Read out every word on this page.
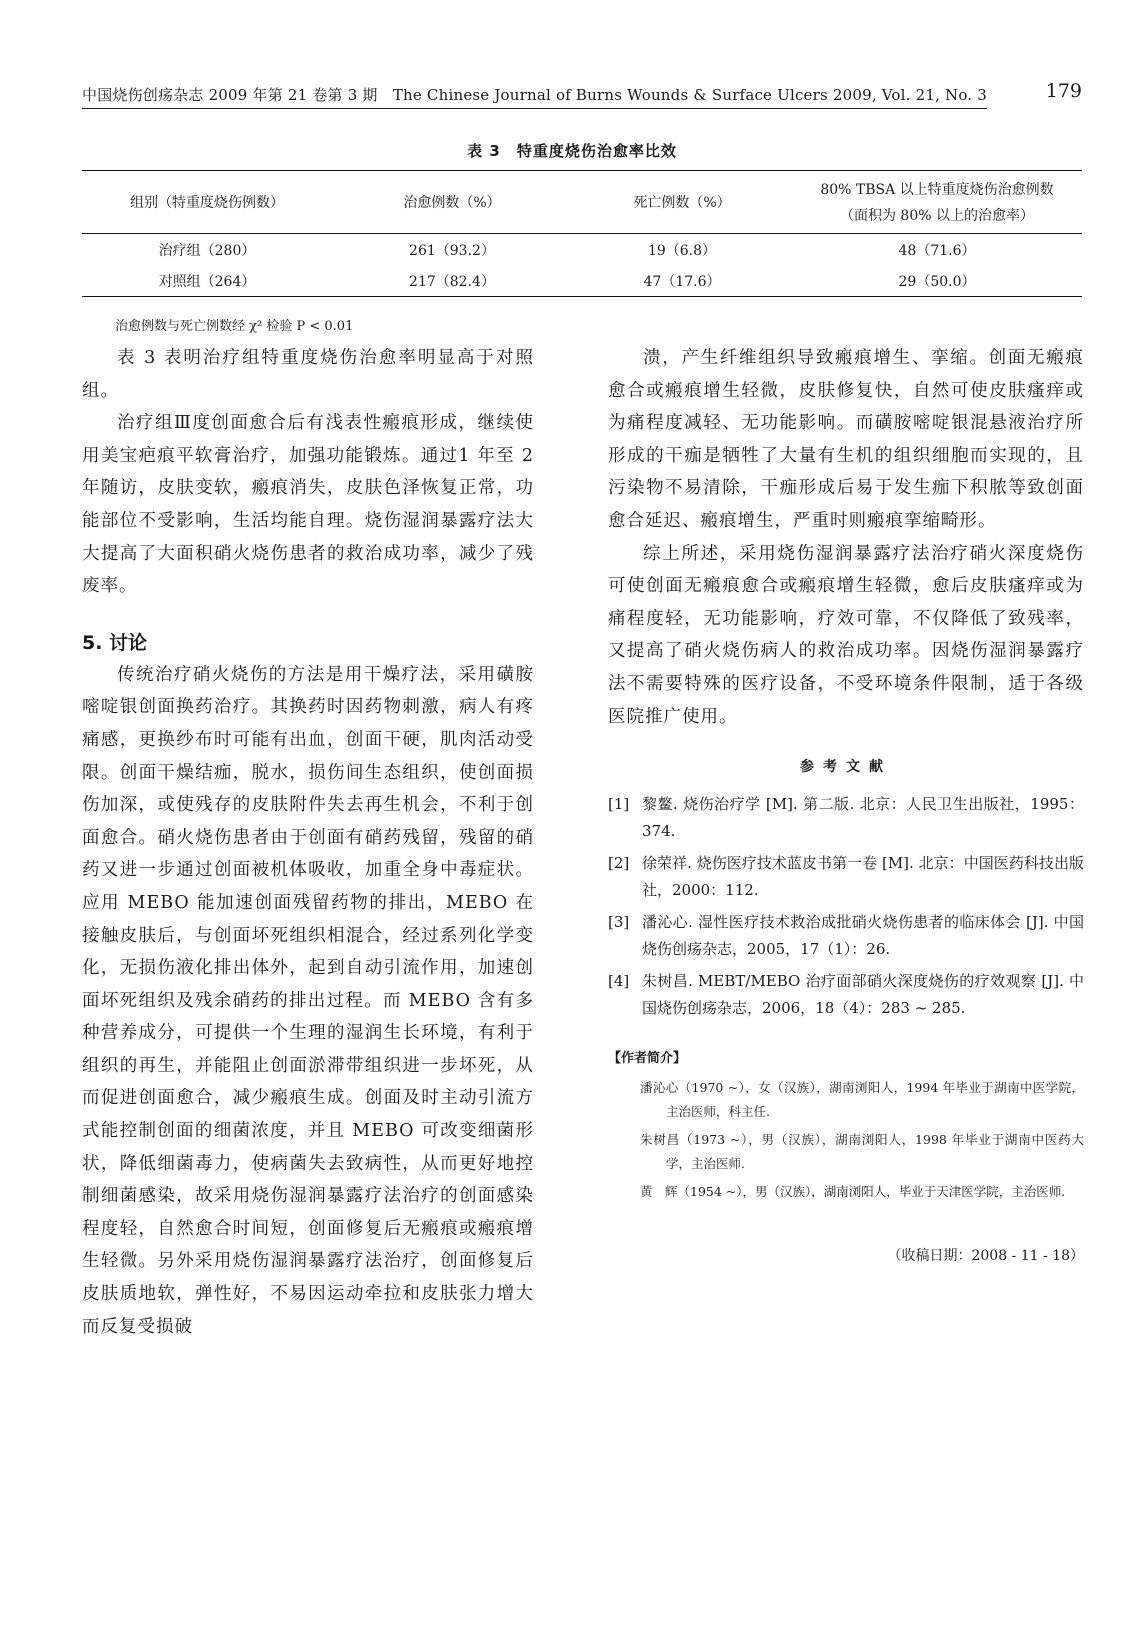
中国烧伤创疡杂志 2009 年第 21 卷第 3 期　The Chinese Journal of Burns Wounds & Surface Ulcers 2009, Vol. 21, No. 3	179
表 3　特重度烧伤治愈率比效
组别（特重度烧伤例数）	治愈例数（%）	死亡例数（%）	80% TBSA 以上特重度烧伤治愈例数
（面积为 80% 以上的治愈率）

治疗组（280）	261（93.2）	19（6.8）	48（71.6）
对照组（264）	217（82.4）	47（17.6）	29（50.0）
治愈例数与死亡例数经 χ² 检验 P < 0.01

表 3 表明治疗组特重度烧伤治愈率明显高于对照组。

治疗组Ⅲ度创面愈合后有浅表性瘢痕形成，继续使用美宝疤痕平软膏治疗，加强功能锻炼。通过1 年至 2 年随访，皮肤变软，瘢痕消失，皮肤色泽恢复正常，功能部位不受影响，生活均能自理。烧伤湿润暴露疗法大大提高了大面积硝火烧伤患者的救治成功率，减少了残废率。

5. 讨论

传统治疗硝火烧伤的方法是用干燥疗法，采用磺胺嘧啶银创面换药治疗。其换药时因药物刺激，病人有疼痛感，更换纱布时可能有出血，创面干硬，肌肉活动受限。创面干燥结痂，脱水，损伤间生态组织，使创面损伤加深，或使残存的皮肤附件失去再生机会，不利于创面愈合。硝火烧伤患者由于创面有硝药残留，残留的硝药又进一步通过创面被机体吸收，加重全身中毒症状。应用 MEBO 能加速创面残留药物的排出，MEBO 在接触皮肤后，与创面坏死组织相混合，经过系列化学变化，无损伤液化排出体外，起到自动引流作用，加速创面坏死组织及残余硝药的排出过程。而 MEBO 含有多种营养成分，可提供一个生理的湿润生长环境，有利于组织的再生，并能阻止创面淤滞带组织进一步坏死，从而促进创面愈合，减少瘢痕生成。创面及时主动引流方式能控制创面的细菌浓度，并且 MEBO 可改变细菌形状，降低细菌毒力，使病菌失去致病性，从而更好地控制细菌感染，故采用烧伤湿润暴露疗法治疗的创面感染程度轻，自然愈合时间短，创面修复后无瘢痕或瘢痕增生轻微。另外采用烧伤湿润暴露疗法治疗，创面修复后皮肤质地软，弹性好，不易因运动牵拉和皮肤张力增大而反复受损破

溃，产生纤维组织导致瘢痕增生、挛缩。创面无瘢痕愈合或瘢痕增生轻微，皮肤修复快，自然可使皮肤瘙痒或为痛程度减轻、无功能影响。而磺胺嘧啶银混悬液治疗所形成的干痂是牺牲了大量有生机的组织细胞而实现的，且污染物不易清除，干痂形成后易于发生痂下积脓等致创面愈合延迟、瘢痕增生，严重时则瘢痕挛缩畸形。

综上所述，采用烧伤湿润暴露疗法治疗硝火深度烧伤可使创面无瘢痕愈合或瘢痕增生轻微，愈后皮肤瘙痒或为痛程度轻，无功能影响，疗效可靠，不仅降低了致残率，又提高了硝火烧伤病人的救治成功率。因烧伤湿润暴露疗法不需要特殊的医疗设备，不受环境条件限制，适于各级医院推广使用。

参考文献
[1] 黎鳌. 烧伤治疗学 [M]. 第二版. 北京：人民卫生出版社，1995：374.
[2] 徐荣祥. 烧伤医疗技术蓝皮书第一卷 [M]. 北京：中国医药科技出版社，2000：112.
[3] 潘沁心. 湿性医疗技术救治成批硝火烧伤患者的临床体会 [J]. 中国烧伤创疡杂志，2005，17（1）：26.
[4] 朱树昌. MEBT/MEBO 治疗面部硝火深度烧伤的疗效观察 [J]. 中国烧伤创疡杂志，2006，18（4）：283 ~ 285.
【作者简介】
潘沁心（1970 ~），女（汉族），湖南浏阳人，1994 年毕业于湖南中医学院，主治医师，科主任.
朱树昌（1973 ~），男（汉族），湖南浏阳人，1998 年毕业于湖南中医药大学，主治医师.
黄　辉（1954 ~），男（汉族），湖南浏阳人，毕业于天津医学院，主治医师.
（收稿日期：2008 - 11 - 18）
